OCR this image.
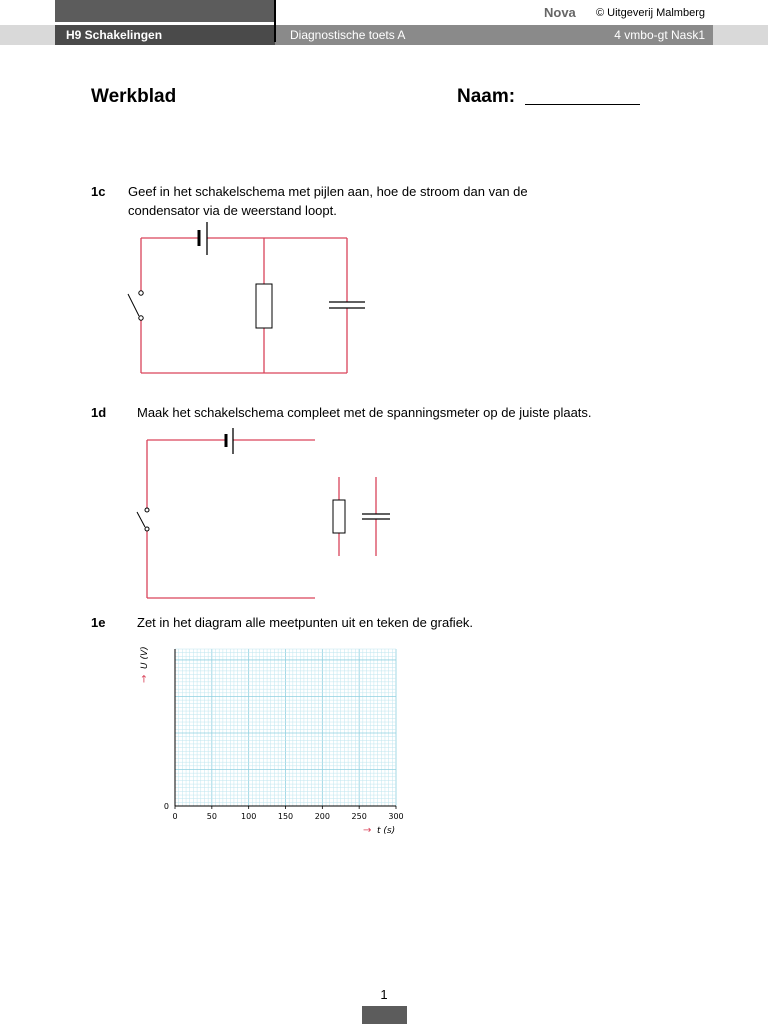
H9 Schakelingen	Diagnostische toets A	4 vmbo-gt Nask1
Nova © Uitgeverij Malmberg
Werkblad	Naam:
1c Geef in het schakelschema met pijlen aan, hoe de stroom dan van de
condensator via de weerstand loopt.
1d Maak het schakelschema compleet met de spanningsmeter op de juiste plaats.
1e Zet in het diagram alle meetpunten uit en teken de grafiek.
0	50	100	150	200	250	300
0
→
U (V)
→ t (s)
1
